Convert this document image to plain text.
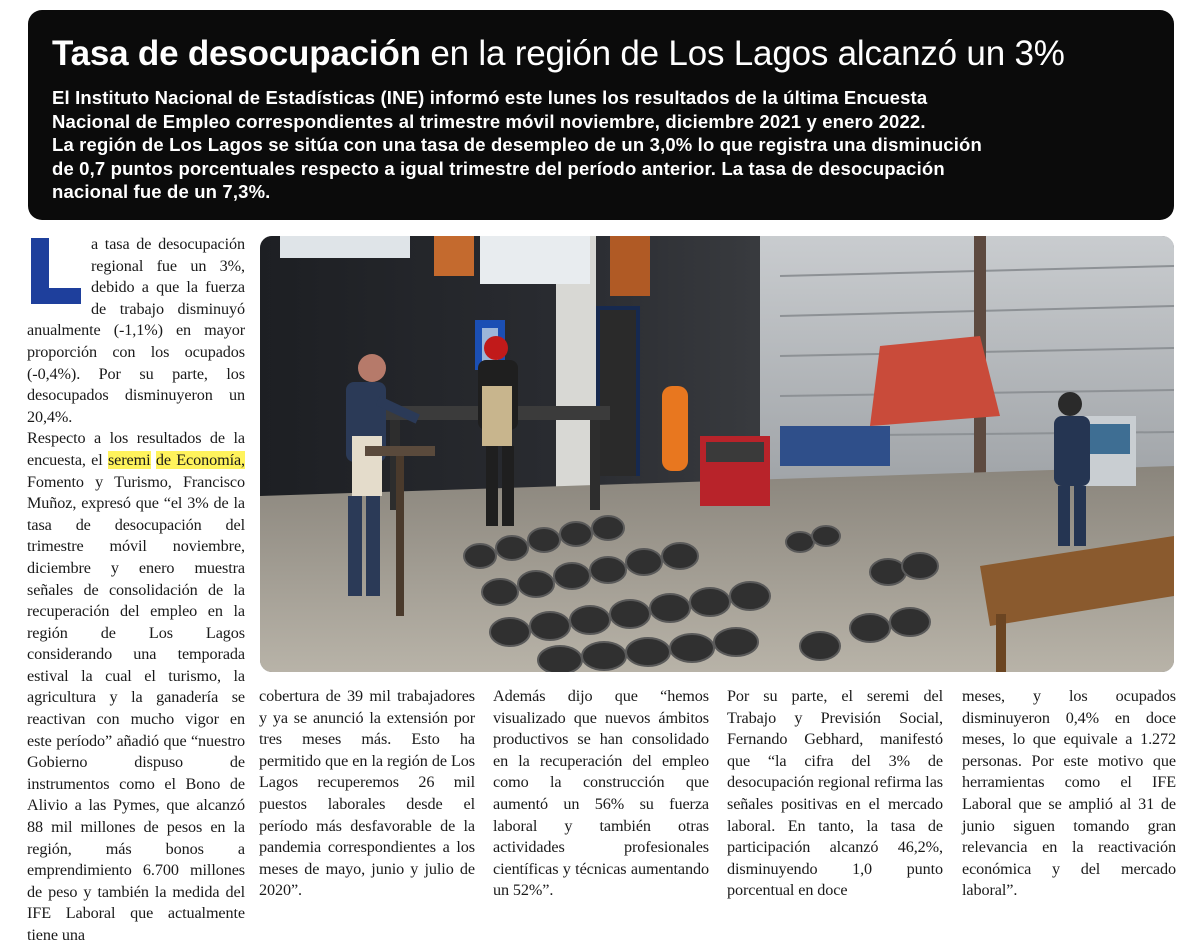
Tasa de desocupación en la región de Los Lagos alcanzó un 3%

El Instituto Nacional de Estadísticas (INE) informó este lunes los resultados de la última Encuesta

Nacional de Empleo correspondientes al trimestre móvil noviembre, diciembre 2021 y enero 2022.

La región de Los Lagos se sitúa con una tasa de desempleo de un 3,0% lo que registra una disminución

de 0,7 puntos porcentuales respecto a igual trimestre del período anterior. La tasa de desocupación

nacional fue de un 7,3%.

a tasa de desocupación regional fue un 3%, debido a que la fuerza de trabajo disminuyó anualmente (-1,1%) en mayor proporción con los ocupados (-0,4%). Por su parte, los desocupados disminuyeron un 20,4%.

Respecto a los resultados de la encuesta, el seremi de Economía, Fomento y Turismo, Francisco Muñoz, expresó que “el 3% de la tasa de desocupación del trimestre móvil noviembre, diciembre y enero muestra señales de consolidación de la recuperación del empleo en la región de Los Lagos considerando una temporada estival la cual el turismo, la agricultura y la ganadería se reactivan con mucho vigor en este período” añadió que “nuestro Gobierno dispuso de instrumentos como el Bono de Alivio a las Pymes, que alcanzó 88 mil millones de pesos en la región, más bonos a emprendimiento 6.700 millones de peso y también la medida del IFE Laboral que actualmente tiene una

cobertura de 39 mil trabajadores y ya se anunció la extensión por tres meses más. Esto ha permitido que en la región de Los Lagos recuperemos 26 mil puestos laborales desde el período más desfavorable de la pandemia correspondientes a los meses de mayo, junio y julio de 2020”.

Además dijo que “hemos visualizado que nuevos ámbitos productivos se han consolidado en la recuperación del empleo como la construcción que aumentó un 56% su fuerza laboral y también otras actividades profesionales científicas y técnicas aumentando un 52%”.

Por su parte, el seremi del Trabajo y Previsión Social, Fernando Gebhard, manifestó que “la cifra del 3% de desocupación regional refirma las señales positivas en el mercado laboral. En tanto, la tasa de participación alcanzó 46,2%, disminuyendo 1,0 punto porcentual en doce

meses, y los ocupados disminuyeron 0,4% en doce meses, lo que equivale a 1.272 personas. Por este motivo que herramientas como el IFE Laboral que se amplió al 31 de junio siguen tomando gran relevancia en la reactivación económica y del mercado laboral”.
